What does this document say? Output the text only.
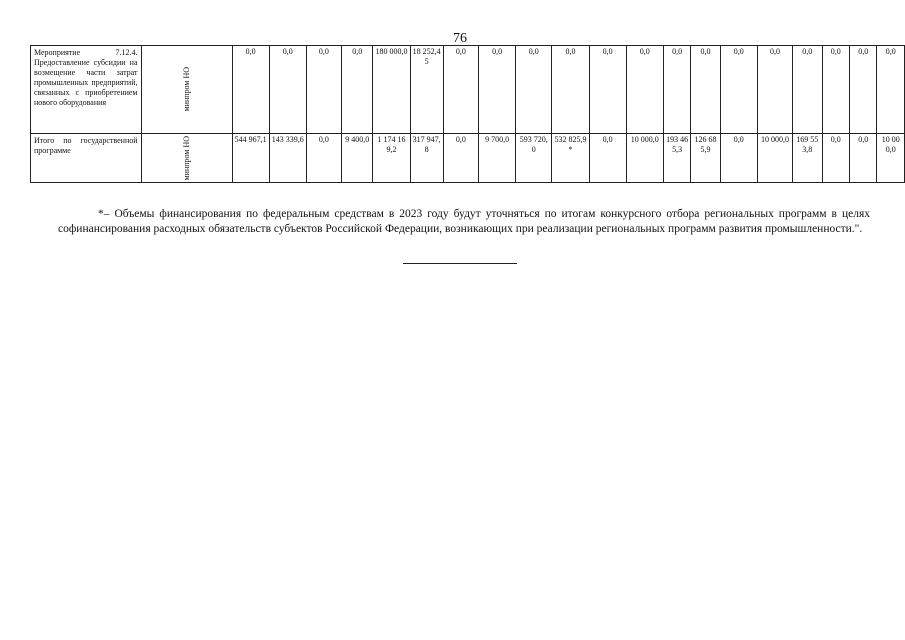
76
Мероприятие 7.12.4. Предоставление субсидии на возмещение части затрат промышленных предприятий, связанных с приобретением нового оборудования	минпром НО	0,0	0,0	0,0	0,0	180 000,0	18 252,45	0,0	0,0	0,0	0,0	0,0	0,0	0,0	0,0	0,0	0,0	0,0	0,0	0,0	0,0
Итого по государственной программе	минпром НО	544 967,1	143 339,6	0,0	9 400,0	1 174 169,2	317 947,8	0,0	9 700,0	593 720,0	532 825,9 *	0,0	10 000,0	193 465,3	126 685,9	0,0	10 000,0	169 553,8	0,0	0,0	10 000,0

*– Объемы финансирования по федеральным средствам в 2023 году будут уточняться по итогам конкурсного отбора региональных программ в целях софинансирования расходных обязательств субъектов Российской Федерации, возникающих при реализации региональных программ развития промышленности.".
